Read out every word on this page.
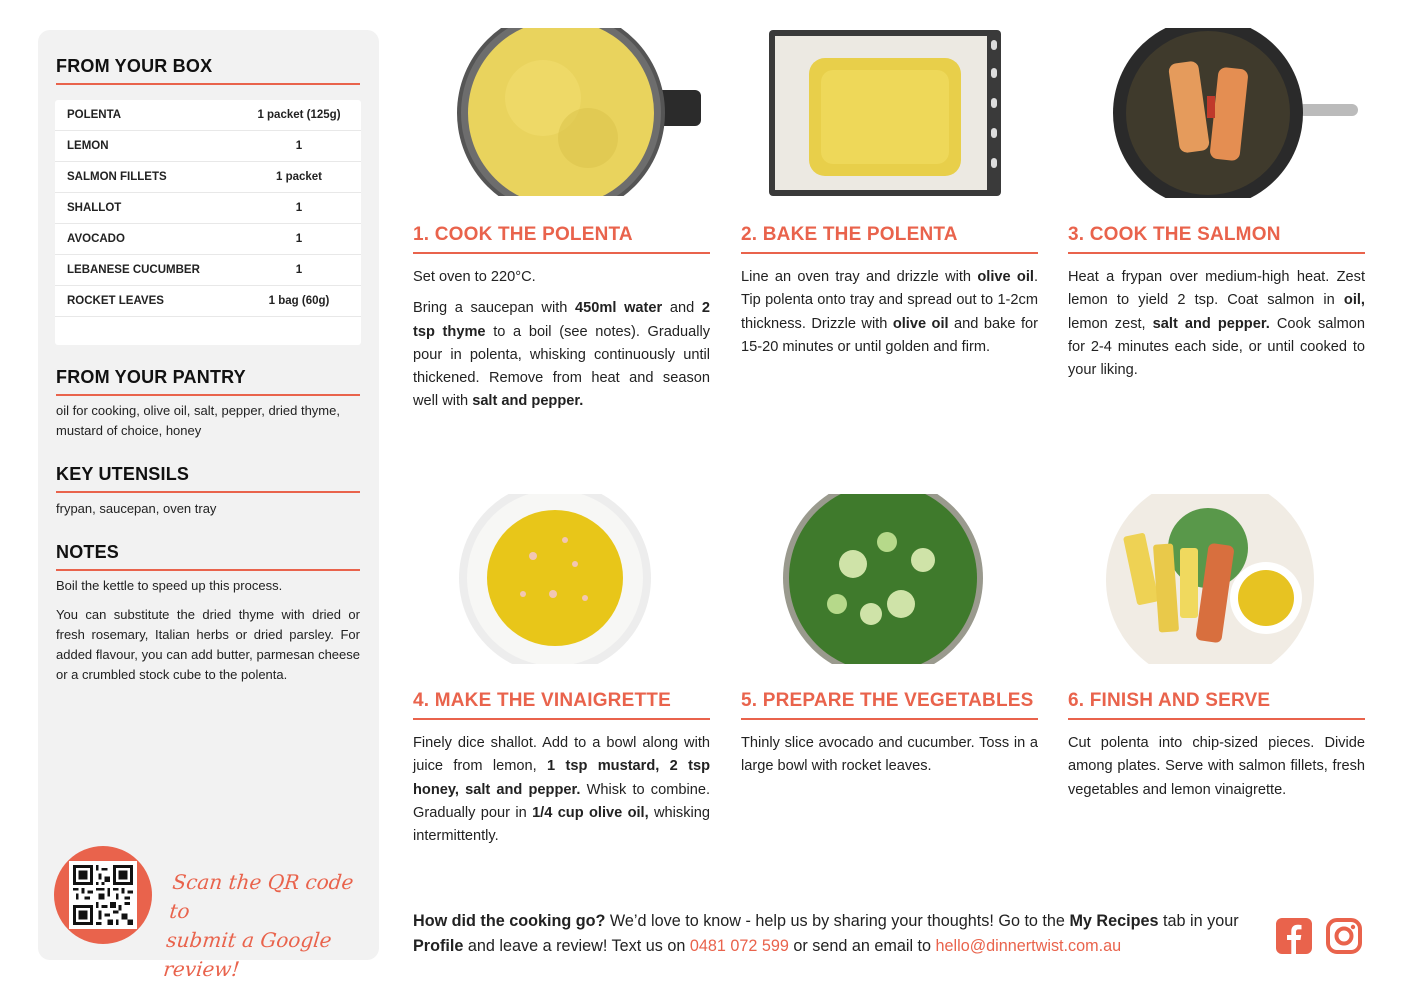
FROM YOUR BOX
POLENTA	1 packet (125g)
LEMON	1
SALMON FILLETS	1 packet
SHALLOT	1
AVOCADO	1
LEBANESE CUCUMBER	1
ROCKET LEAVES	1 bag (60g)
FROM YOUR PANTRY

oil for cooking, olive oil, salt, pepper, dried thyme, mustard of choice, honey

KEY UTENSILS

frypan, saucepan, oven tray

NOTES

Boil the kettle to speed up this process.

You can substitute the dried thyme with dried or fresh rosemary, Italian herbs or dried parsley. For added flavour, you can add butter, parmesan cheese or a crumbled stock cube to the polenta.

Scan the QR code to
submit a Google review!
1. COOK THE POLENTA

Set oven to 220°C.

Bring a saucepan with 450ml water and 2 tsp thyme to a boil (see notes). Gradually pour in polenta, whisking continuously until thickened. Remove from heat and season well with salt and pepper.

2. BAKE THE POLENTA

Line an oven tray and drizzle with olive oil. Tip polenta onto tray and spread out to 1-2cm thickness. Drizzle with olive oil and bake for 15-20 minutes or until golden and firm.

3. COOK THE SALMON

Heat a frypan over medium-high heat. Zest lemon to yield 2 tsp. Coat salmon in oil, lemon zest, salt and pepper. Cook salmon for 2-4 minutes each side, or until cooked to your liking.

4. MAKE THE VINAIGRETTE

Finely dice shallot. Add to a bowl along with juice from lemon, 1 tsp mustard, 2 tsp honey, salt and pepper. Whisk to combine. Gradually pour in 1/4 cup olive oil, whisking intermittently.

5. PREPARE THE VEGETABLES

Thinly slice avocado and cucumber. Toss in a large bowl with rocket leaves.

6. FINISH AND SERVE

Cut polenta into chip-sized pieces. Divide among plates. Serve with salmon fillets, fresh vegetables and lemon vinaigrette.

How did the cooking go? We’d love to know - help us by sharing your thoughts! Go to the My Recipes tab in your Profile and leave a review! Text us on 0481 072 599 or send an email to hello@dinnertwist.com.au
